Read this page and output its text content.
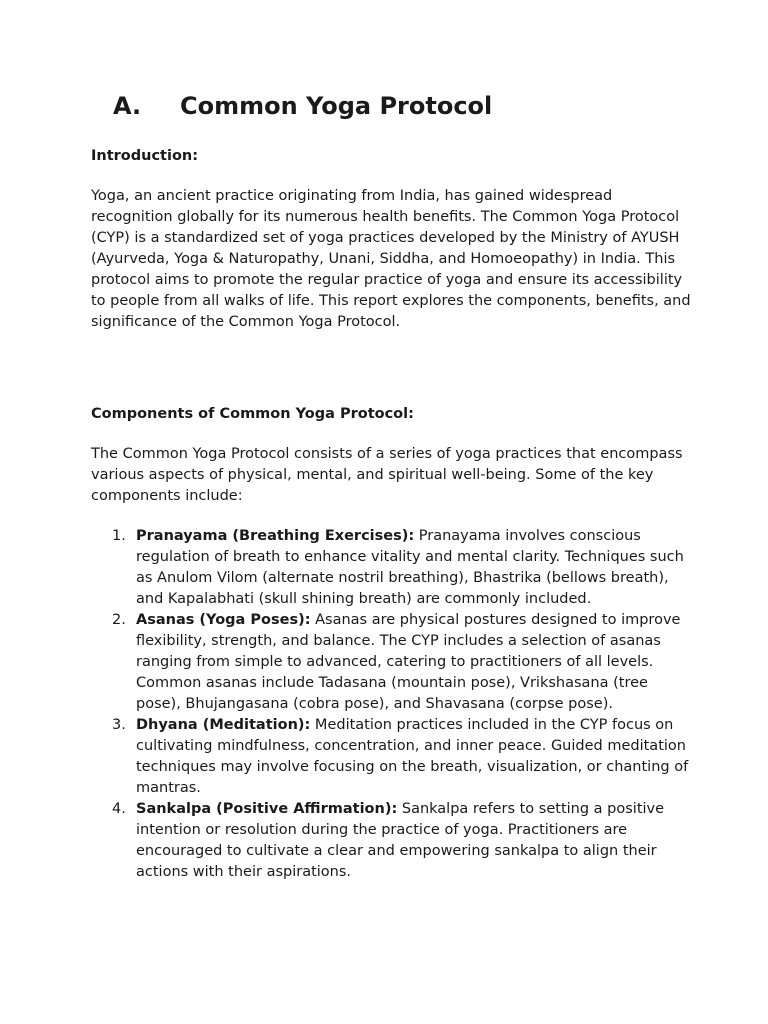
A. Common Yoga Protocol
Introduction:

Yoga, an ancient practice originating from India, has gained widespread recognition globally for its numerous health benefits. The Common Yoga Protocol (CYP) is a standardized set of yoga practices developed by the Ministry of AYUSH (Ayurveda, Yoga & Naturopathy, Unani, Siddha, and Homoeopathy) in India. This protocol aims to promote the regular practice of yoga and ensure its accessibility to people from all walks of life. This report explores the components, benefits, and significance of the Common Yoga Protocol.

Components of Common Yoga Protocol:

The Common Yoga Protocol consists of a series of yoga practices that encompass various aspects of physical, mental, and spiritual well-being. Some of the key components include:

1. Pranayama (Breathing Exercises): Pranayama involves conscious regulation of breath to enhance vitality and mental clarity. Techniques such as Anulom Vilom (alternate nostril breathing), Bhastrika (bellows breath), and Kapalabhati (skull shining breath) are commonly included.
2. Asanas (Yoga Poses): Asanas are physical postures designed to improve flexibility, strength, and balance. The CYP includes a selection of asanas ranging from simple to advanced, catering to practitioners of all levels. Common asanas include Tadasana (mountain pose), Vrikshasana (tree pose), Bhujangasana (cobra pose), and Shavasana (corpse pose).
3. Dhyana (Meditation): Meditation practices included in the CYP focus on cultivating mindfulness, concentration, and inner peace. Guided meditation techniques may involve focusing on the breath, visualization, or chanting of mantras.
4. Sankalpa (Positive Affirmation): Sankalpa refers to setting a positive intention or resolution during the practice of yoga. Practitioners are encouraged to cultivate a clear and empowering sankalpa to align their actions with their aspirations.
